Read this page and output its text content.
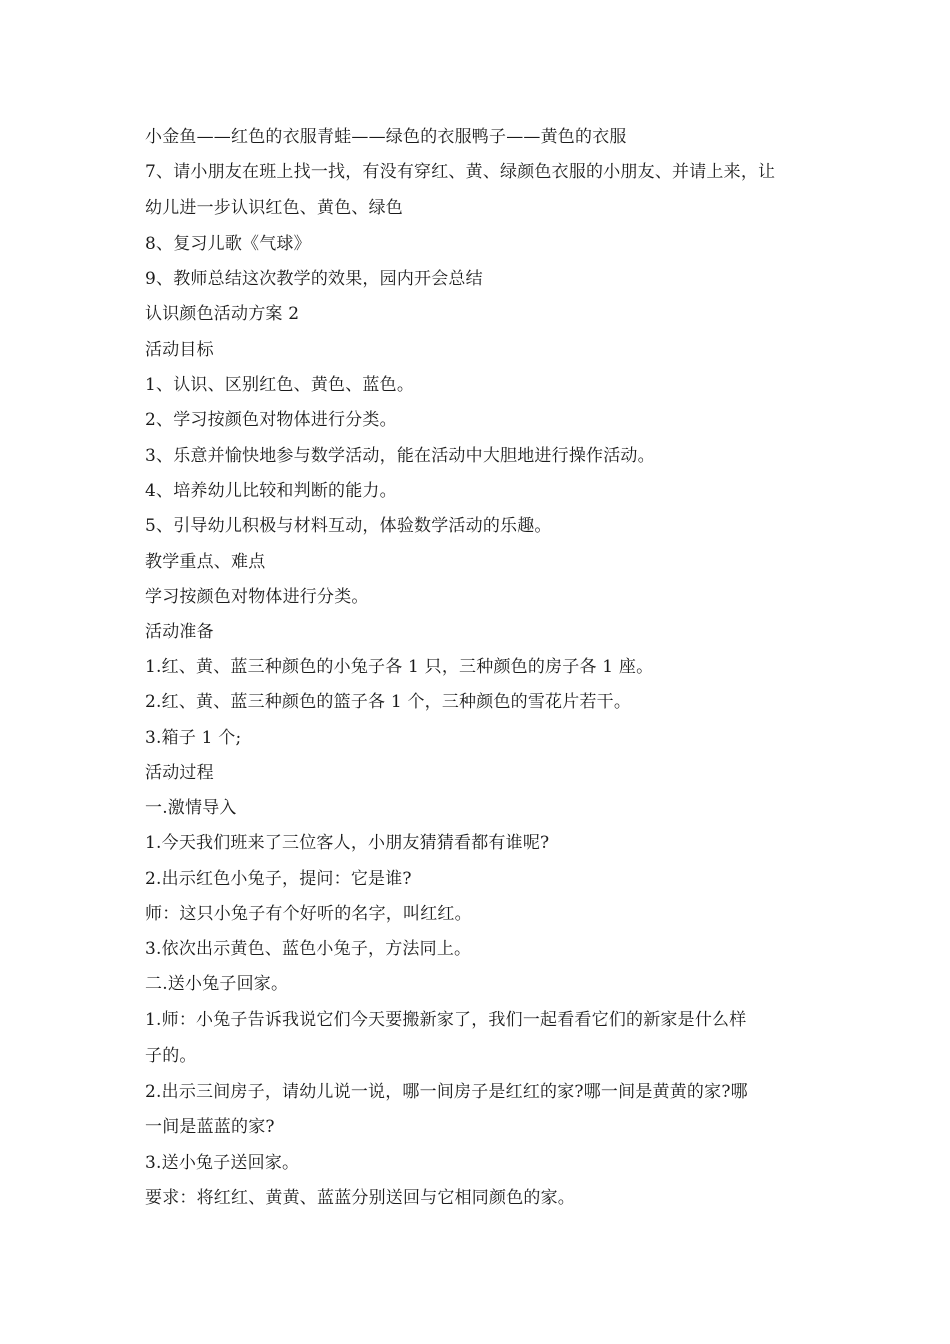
小金鱼——红色的衣服青蛙——绿色的衣服鸭子——黄色的衣服
7、请小朋友在班上找一找，有没有穿红、黄、绿颜色衣服的小朋友、并请上来，让
幼儿进一步认识红色、黄色、绿色
8、复习儿歌《气球》
9、教师总结这次教学的效果，园内开会总结
认识颜色活动方案 2
活动目标
1、认识、区别红色、黄色、蓝色。
2、学习按颜色对物体进行分类。
3、乐意并愉快地参与数学活动，能在活动中大胆地进行操作活动。
4、培养幼儿比较和判断的能力。
5、引导幼儿积极与材料互动，体验数学活动的乐趣。
教学重点、难点
学习按颜色对物体进行分类。
活动准备
1.红、黄、蓝三种颜色的小兔子各 1 只，三种颜色的房子各 1 座。
2.红、黄、蓝三种颜色的篮子各 1 个，三种颜色的雪花片若干。
3.箱子 1 个;
活动过程
一.激情导入
1.今天我们班来了三位客人，小朋友猜猜看都有谁呢?
2.出示红色小兔子，提问：它是谁?
师：这只小兔子有个好听的名字，叫红红。
3.依次出示黄色、蓝色小兔子，方法同上。
二.送小兔子回家。
1.师：小兔子告诉我说它们今天要搬新家了，我们一起看看它们的新家是什么样
子的。
2.出示三间房子，请幼儿说一说，哪一间房子是红红的家?哪一间是黄黄的家?哪
一间是蓝蓝的家?
3.送小兔子送回家。
要求：将红红、黄黄、蓝蓝分别送回与它相同颜色的家。
